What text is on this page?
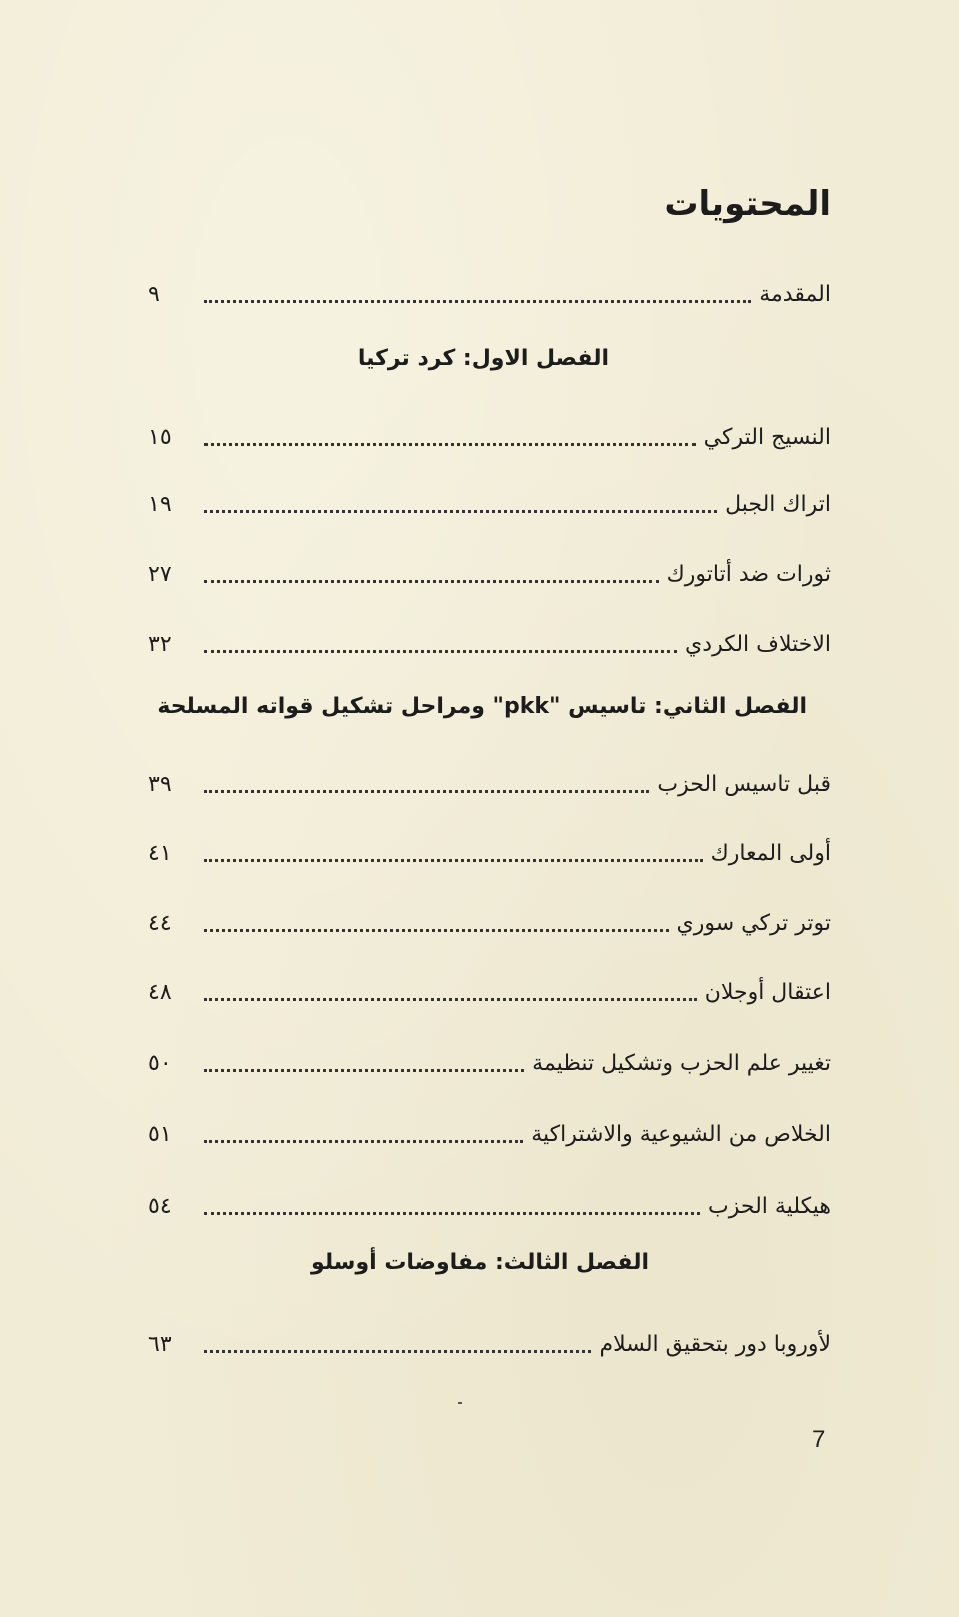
المحتويات
المقدمة
٩
الفصل الاول: كرد تركيا
النسيج التركي
١٥
اتراك الجبل
١٩
ثورات ضد أتاتورك
٢٧
الاختلاف الكردي
٣٢
الفصل الثاني: تاسيس "pkk" ومراحل تشكيل قواته المسلحة
قبل تاسيس الحزب
٣٩
أولى المعارك
٤١
توتر تركي سوري
٤٤
اعتقال أوجلان
٤٨
تغيير علم الحزب وتشكيل تنظيمة
٥٠
الخلاص من الشيوعية والاشتراكية
٥١
هيكلية الحزب
٥٤
الفصل الثالث: مفاوضات أوسلو
لأوروبا دور بتحقيق السلام
٦٣
7
